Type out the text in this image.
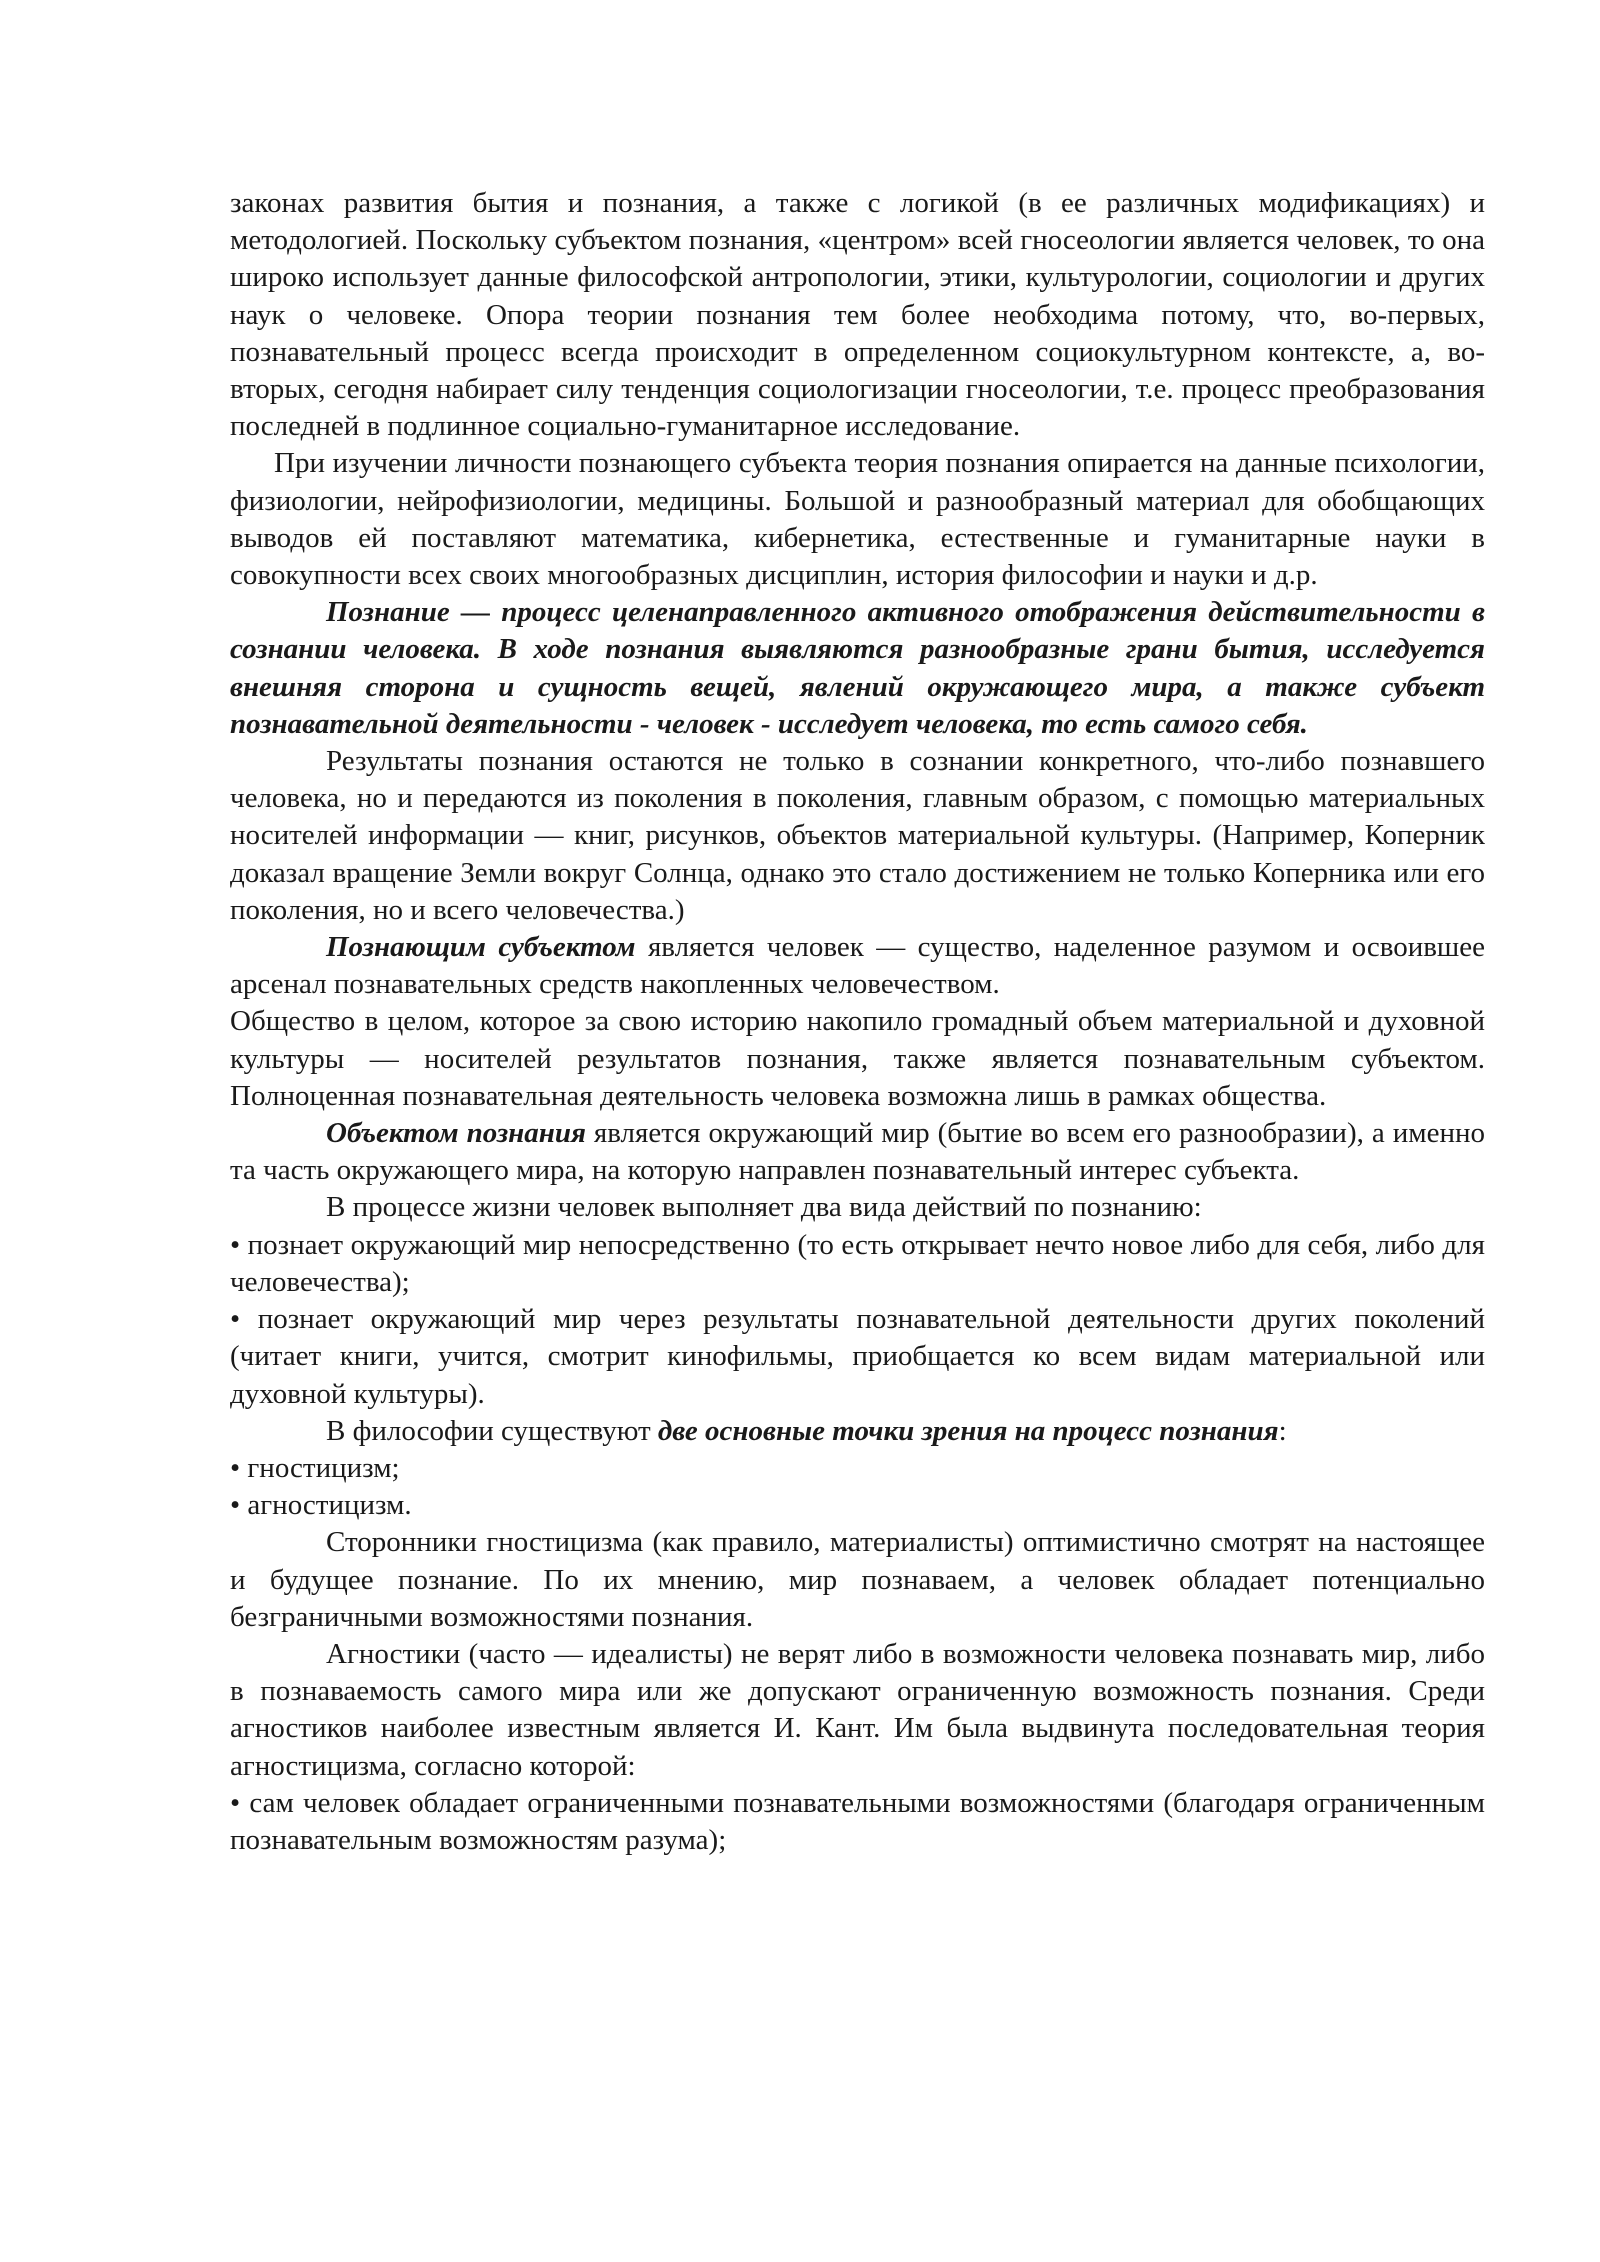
законах развития бытия и познания, а также с логикой (в ее различных модификациях) и методологией. Поскольку субъектом познания, «центром» всей гносеологии является человек, то она широко использует данные философской антропологии, этики, культурологии, социологии и других наук о человеке. Опора теории познания тем более необходима потому, что, во-первых, познавательный процесс всегда происходит в определенном социокультурном контексте, а, во-вторых, сегодня набирает силу тенденция социологизации гносеологии, т.е. процесс преобразования последней в подлинное социально-гуманитарное исследование.

При изучении личности познающего субъекта теория познания опирается на данные психологии, физиологии, нейрофизиологии, медицины. Большой и разнообразный материал для обобщающих выводов ей поставляют математика, кибернетика, естественные и гуманитарные науки в совокупности всех своих многообразных дисциплин, история философии и науки и д.р.

Познание — процесс целенаправленного активного отображения действительности в сознании человека. В ходе познания выявляются разнообразные грани бытия, исследуется внешняя сторона и сущность вещей, явлений окружающего мира, а также субъект познавательной деятельности - человек - исследует человека, то есть самого себя.

Результаты познания остаются не только в сознании конкретного, что-либо познавшего человека, но и передаются из поколения в поколения, главным образом, с помощью материальных носителей информации — книг, рисунков, объектов материальной культуры. (Например, Коперник доказал вращение Земли вокруг Солнца, однако это стало достижением не только Коперника или его поколения, но и всего человечества.)

Познающим субъектом является человек — существо, наделенное разумом и освоившее арсенал познавательных средств накопленных человечеством.

Общество в целом, которое за свою историю накопило громадный объем материальной и духовной культуры — носителей результатов познания, также является познавательным субъектом. Полноценная познавательная деятельность человека возможна лишь в рамках общества.

Объектом познания является окружающий мир (бытие во всем его разнообразии), а именно та часть окружающего мира, на которую направлен познавательный интерес субъекта.

В процессе жизни человек выполняет два вида действий по познанию:

• познает окружающий мир непосредственно (то есть открывает нечто новое либо для себя, либо для человечества);

• познает окружающий мир через результаты познавательной деятельности других поколений (читает книги, учится, смотрит кинофильмы, приобщается ко всем видам материальной или духовной культуры).

В философии существуют две основные точки зрения на процесс познания:

• гностицизм;

• агностицизм.

Сторонники гностицизма (как правило, материалисты) оптимистично смотрят на настоящее и будущее познание. По их мнению, мир познаваем, а человек обладает потенциально безграничными возможностями познания.

Агностики (часто — идеалисты) не верят либо в возможности человека познавать мир, либо в познаваемость самого мира или же допускают ограниченную возможность познания. Среди агностиков наиболее известным является И. Кант. Им была выдвинута последовательная теория агностицизма, согласно которой:

• сам человек обладает ограниченными познавательными возможностями (благодаря ограниченным познавательным возможностям разума);
